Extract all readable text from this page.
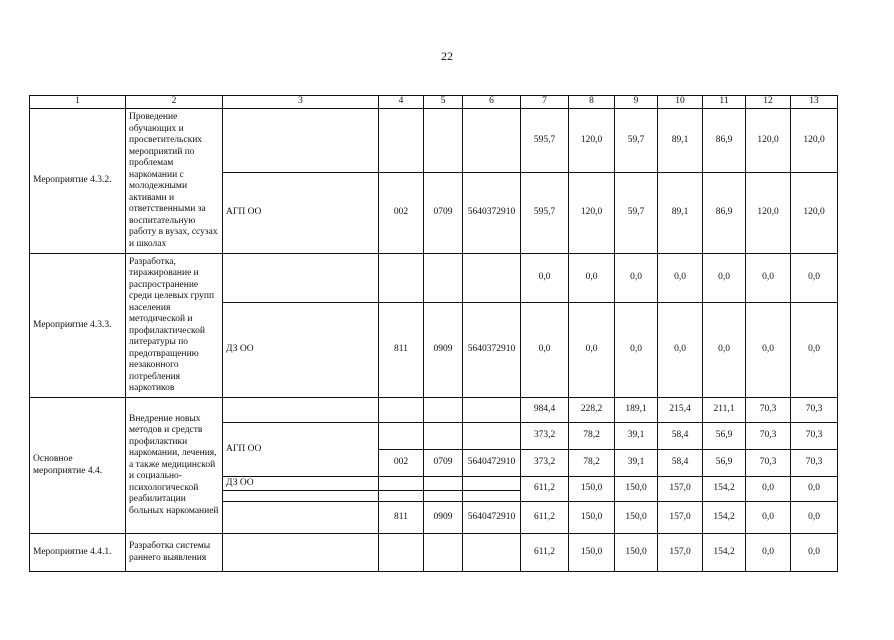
22
1	2	3	4	5	6	7	8	9	10	11	12	13
Мероприятие 4.3.2.	Проведение обучающих и просветительских мероприятий по проблемам наркомании с молодежными активами и ответственными за воспитательную работу в вузах, ссузах и школах					595,7	120,0	59,7	89,1	86,9	120,0	120,0
		АГП ОО	002	0709	5640372910	595,7	120,0	59,7	89,1	86,9	120,0	120,0
Мероприятие 4.3.3.	Разработка, тиражирование и распространение среди целевых групп населения методической и профилактической литературы по предотвращению незаконного потребления наркотиков					0,0	0,0	0,0	0,0	0,0	0,0	0,0
		ДЗ ОО	811	0909	5640372910	0,0	0,0	0,0	0,0	0,0	0,0	0,0
Основное мероприятие 4.4.	Внедрение новых методов и средств профилактики наркомании, лечения, а также медицинской и социально-психологической реабилитации больных наркоманией					984,4	228,2	189,1	215,4	211,1	70,3	70,3
		АГП ОО				373,2	78,2	39,1	58,4	56,9	70,3	70,3
			002	0709	5640472910	373,2	78,2	39,1	58,4	56,9	70,3	70,3
		ДЗ ОО				611,2	150,0	150,0	157,0	154,2	0,0	0,0

			811	0909	5640472910	611,2	150,0	150,0	157,0	154,2	0,0	0,0
Мероприятие 4.4.1.	Разработка системы раннего выявления					611,2	150,0	150,0	157,0	154,2	0,0	0,0
